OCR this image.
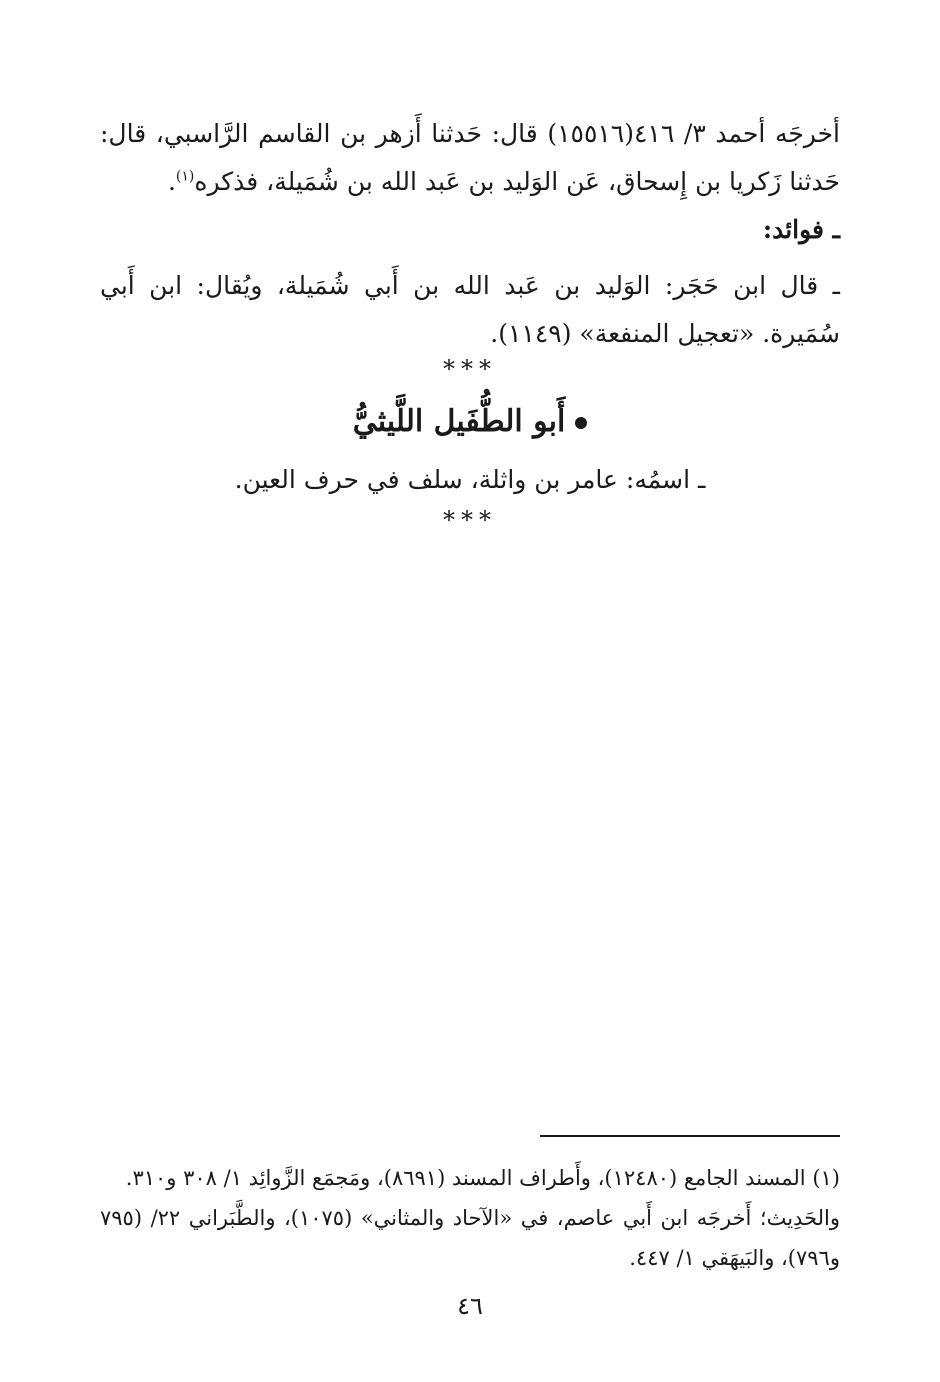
أخرجَه أحمد ٣/ ٤١٦(١٥٥١٦) قال: حَدثنا أَزهر بن القاسم الرَّاسبي، قال: حَدثنا زَكريا بن إِسحاق، عَن الوَليد بن عَبد الله بن شُمَيلة، فذكره$^{(١)}$.
ـ فوائد:
ـ قال ابن حَجَر: الوَليد بن عَبد الله بن أَبي شُمَيلة، ويُقال: ابن أَبي سُمَيرة. «تعجيل المنفعة» (١١٤٩).
***
أَبو الطُّفَيل اللَّيثيُّ
ـ اسمُه: عامر بن واثلة، سلف في حرف العين.
***
(١) المسند الجامع (١٢٤٨٠)، وأَطراف المسند (٨٦٩١)، ومَجمَع الزَّوائِد ١/ ٣٠٨ و٣١٠.
والحَدِيث؛ أَخرجَه ابن أَبي عاصم، في «الآحاد والمثاني» (١٠٧٥)، والطَّبَراني ٢٢/ (٧٩٥ و٧٩٦)، والبَيهَقي ١/ ٤٤٧.
٤٦
